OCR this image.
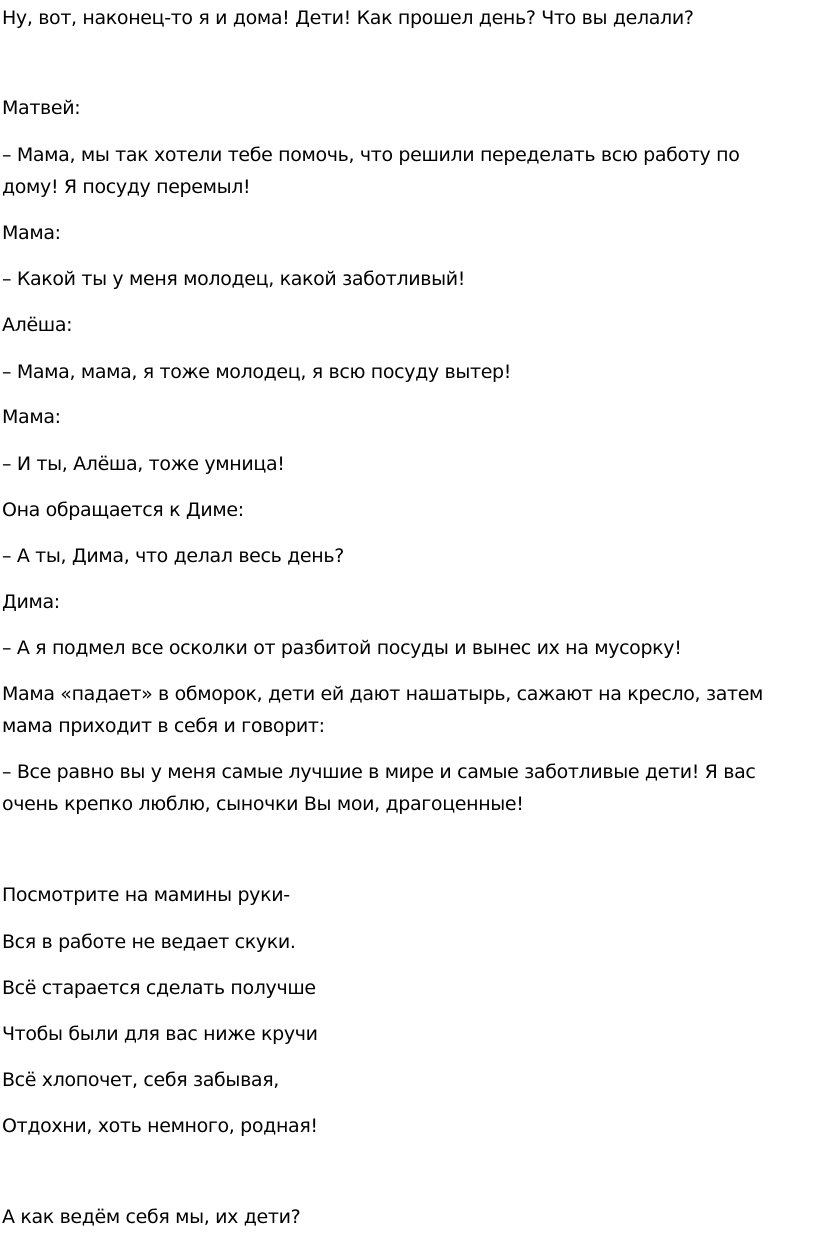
Ну, вот, наконец-то я и дома! Дети! Как прошел день? Что вы делали?
Матвей:
– Мама, мы так хотели тебе помочь, что решили переделать всю работу по
дому! Я посуду перемыл!
Мама:
– Какой ты у меня молодец, какой заботливый!
Алёша:
– Мама, мама, я тоже молодец, я всю посуду вытер!
Мама:
– И ты, Алёша, тоже умница!
Она обращается к Диме:
– А ты, Дима, что делал весь день?
Дима:
– А я подмел все осколки от разбитой посуды и вынес их на мусорку!
Мама «падает» в обморок, дети ей дают нашатырь, сажают на кресло, затем
мама приходит в себя и говорит:
– Все равно вы у меня самые лучшие в мире и самые заботливые дети! Я вас
очень крепко люблю, сыночки Вы мои, драгоценные!
Посмотрите на мамины руки-
Вся в работе не ведает скуки.
Всё старается сделать получше
Чтобы были для вас ниже кручи
Всё хлопочет, себя забывая,
Отдохни, хоть немного, родная!
А как ведём себя мы, их дети?
